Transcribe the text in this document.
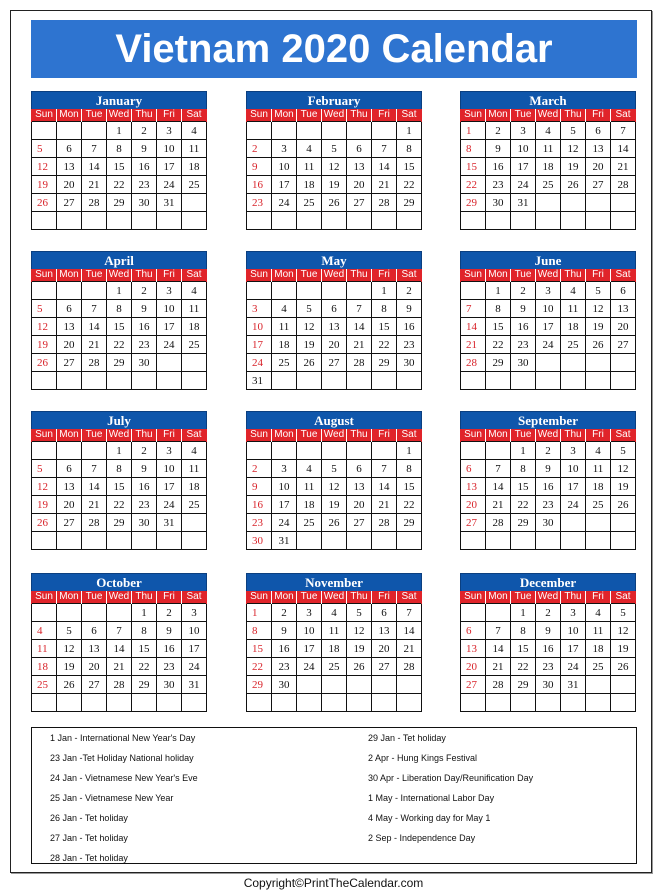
Vietnam 2020 Calendar
January
Sun	Mon	Tue	Wed	Thu	Fri	Sat
			1	2	3	4
5	6	7	8	9	10	11
12	13	14	15	16	17	18
19	20	21	22	23	24	25
26	27	28	29	30	31	

February
Sun	Mon	Tue	Wed	Thu	Fri	Sat
						1
2	3	4	5	6	7	8
9	10	11	12	13	14	15
16	17	18	19	20	21	22
23	24	25	26	27	28	29

March
Sun	Mon	Tue	Wed	Thu	Fri	Sat
1	2	3	4	5	6	7
8	9	10	11	12	13	14
15	16	17	18	19	20	21
22	23	24	25	26	27	28
29	30	31				

April
Sun	Mon	Tue	Wed	Thu	Fri	Sat
			1	2	3	4
5	6	7	8	9	10	11
12	13	14	15	16	17	18
19	20	21	22	23	24	25
26	27	28	29	30		

May
Sun	Mon	Tue	Wed	Thu	Fri	Sat
					1	2
3	4	5	6	7	8	9
10	11	12	13	14	15	16
17	18	19	20	21	22	23
24	25	26	27	28	29	30
31						
June
Sun	Mon	Tue	Wed	Thu	Fri	Sat
	1	2	3	4	5	6
7	8	9	10	11	12	13
14	15	16	17	18	19	20
21	22	23	24	25	26	27
28	29	30				

July
Sun	Mon	Tue	Wed	Thu	Fri	Sat
			1	2	3	4
5	6	7	8	9	10	11
12	13	14	15	16	17	18
19	20	21	22	23	24	25
26	27	28	29	30	31	

August
Sun	Mon	Tue	Wed	Thu	Fri	Sat
						1
2	3	4	5	6	7	8
9	10	11	12	13	14	15
16	17	18	19	20	21	22
23	24	25	26	27	28	29
30	31					
September
Sun	Mon	Tue	Wed	Thu	Fri	Sat
		1	2	3	4	5
6	7	8	9	10	11	12
13	14	15	16	17	18	19
20	21	22	23	24	25	26
27	28	29	30			

October
Sun	Mon	Tue	Wed	Thu	Fri	Sat
				1	2	3
4	5	6	7	8	9	10
11	12	13	14	15	16	17
18	19	20	21	22	23	24
25	26	27	28	29	30	31

November
Sun	Mon	Tue	Wed	Thu	Fri	Sat
1	2	3	4	5	6	7
8	9	10	11	12	13	14
15	16	17	18	19	20	21
22	23	24	25	26	27	28
29	30					

December
Sun	Mon	Tue	Wed	Thu	Fri	Sat
		1	2	3	4	5
6	7	8	9	10	11	12
13	14	15	16	17	18	19
20	21	22	23	24	25	26
27	28	29	30	31		

1 Jan - International New Year's Day
23 Jan -Tet Holiday National holiday
24 Jan - Vietnamese New Year's Eve
25 Jan - Vietnamese New Year
26 Jan - Tet holiday
27 Jan - Tet holiday
28 Jan - Tet holiday
29 Jan - Tet holiday
2 Apr - Hung Kings Festival
30 Apr - Liberation Day/Reunification Day
1 May - International Labor Day
4 May - Working day for May 1
2 Sep - Independence Day
Copyright©PrintTheCalendar.com
